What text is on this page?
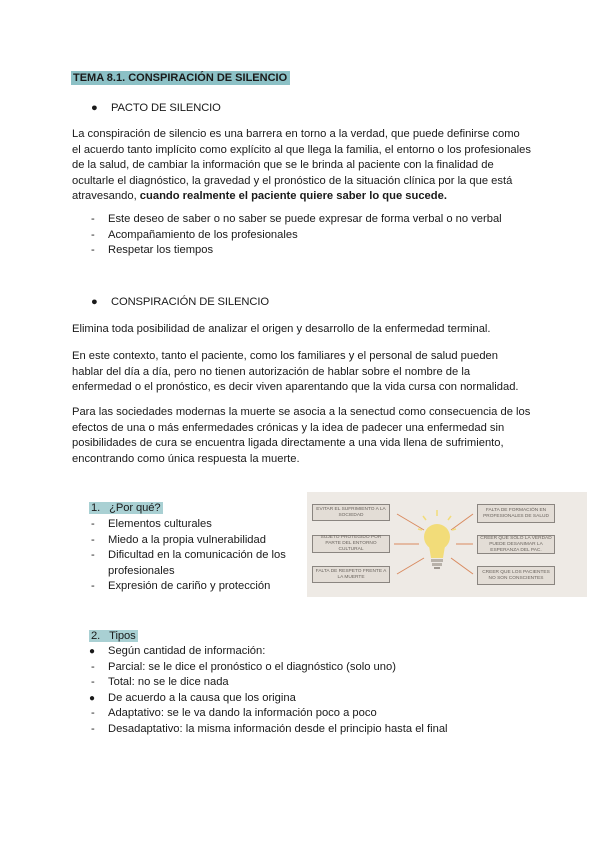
TEMA 8.1. CONSPIRACIÓN DE SILENCIO
● PACTO DE SILENCIO
La conspiración de silencio es una barrera en torno a la verdad, que puede definirse como
el acuerdo tanto implícito como explícito al que llega la familia, el entorno o los profesionales
de la salud, de cambiar la información que se le brinda al paciente con la finalidad de
ocultarle el diagnóstico, la gravedad y el pronóstico de la situación clínica por la que está
atravesando, cuando realmente el paciente quiere saber lo que sucede.
- Este deseo de saber o no saber se puede expresar de forma verbal o no verbal
- Acompañamiento de los profesionales
- Respetar los tiempos
● CONSPIRACIÓN DE SILENCIO
Elimina toda posibilidad de analizar el origen y desarrollo de la enfermedad terminal.
En este contexto, tanto el paciente, como los familiares y el personal de salud pueden
hablar del día a día, pero no tienen autorización de hablar sobre el nombre de la
enfermedad o el pronóstico, es decir viven aparentando que la vida cursa con normalidad.
Para las sociedades modernas la muerte se asocia a la senectud como consecuencia de los
efectos de una o más enfermedades crónicas y la idea de padecer una enfermedad sin
posibilidades de cura se encuentra ligada directamente a una vida llena de sufrimiento,
encontrando como única respuesta la muerte.
1. ¿Por qué?
- Elementos culturales
- Miedo a la propia vulnerabilidad
- Dificultad en la comunicación de los
profesionales
- Expresión de cariño y protección
EVITAR EL SUFRIMIENTO A LA SOCIEDAD
SUJETO PROTEGIDO POR PARTE DEL ENTORNO CULTURAL
FALTA DE RESPETO FRENTE A LA MUERTE
FALTA DE FORMACIÓN EN PROFESIONALES DE SALUD
CREER QUE SÓLO LA VERDAD PUEDE DESANIMAR LA ESPERANZA DEL PAC.
CREER QUE LOS PACIENTES NO SON CONSCIENTES
2. Tipos
● Según cantidad de información:
- Parcial: se le dice el pronóstico o el diagnóstico (solo uno)
- Total: no se le dice nada
● De acuerdo a la causa que los origina
- Adaptativo: se le va dando la información poco a poco
- Desadaptativo: la misma información desde el principio hasta el final
